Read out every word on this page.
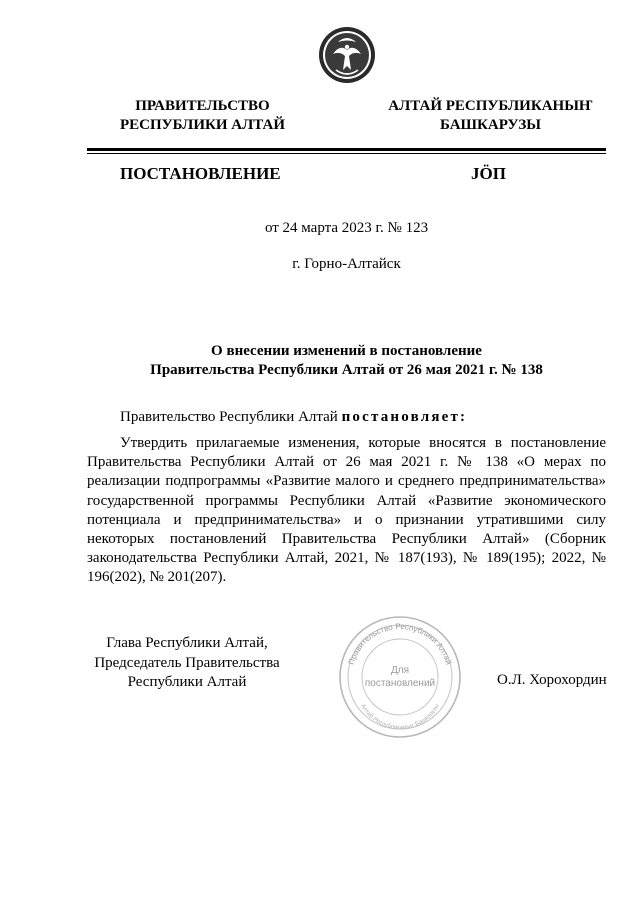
ПРАВИТЕЛЬСТВО
РЕСПУБЛИКИ АЛТАЙ
АЛТАЙ РЕСПУБЛИКАНЫҤ
БАШКАРУЗЫ
ПОСТАНОВЛЕНИЕ	JӦП
от 24 марта 2023 г. № 123
г. Горно-Алтайск
О внесении изменений в постановление
Правительства Республики Алтай от 26 мая 2021 г. № 138
Правительство Республики Алтай постановляет:
Утвердить прилагаемые изменения, которые вносятся в постановление Правительства Республики Алтай от 26 мая 2021 г. № 138 «О мерах по реализации подпрограммы «Развитие малого и среднего предпринимательства» государственной программы Республики Алтай «Развитие экономического потенциала и предпринимательства» и о признании утратившими силу некоторых постановлений Правительства Республики Алтай» (Сборник законодательства Республики Алтай, 2021, № 187(193), № 189(195); 2022, № 196(202), № 201(207).
Глава Республики Алтай,
Председатель Правительства
Республики Алтай
Правительство Республики Алтай
Алтай Республиканыҥ Башкарузы
Для
постановлений	О.Л. Хорохордин
